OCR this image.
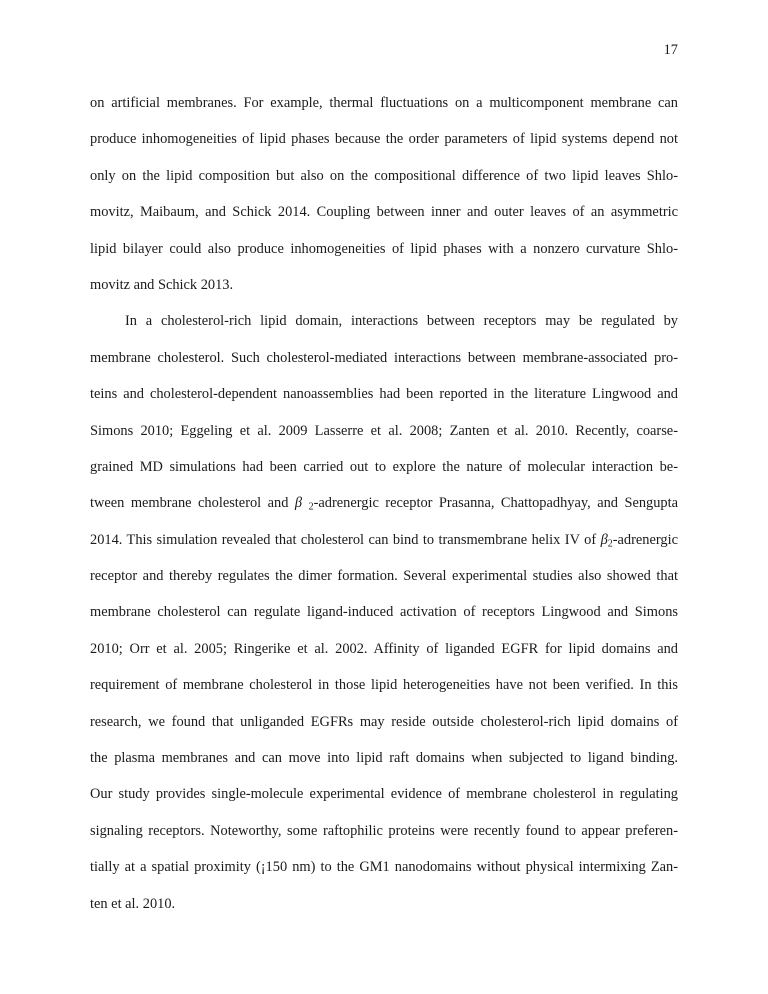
17
on artificial membranes. For example, thermal fluctuations on a multicomponent membrane can
produce inhomogeneities of lipid phases because the order parameters of lipid systems depend not
only on the lipid composition but also on the compositional difference of two lipid leaves Shlo-
movitz, Maibaum, and Schick 2014. Coupling between inner and outer leaves of an asymmetric
lipid bilayer could also produce inhomogeneities of lipid phases with a nonzero curvature Shlo-
movitz and Schick 2013.
In a cholesterol-rich lipid domain, interactions between receptors may be regulated by
membrane cholesterol. Such cholesterol-mediated interactions between membrane-associated pro-
teins and cholesterol-dependent nanoassemblies had been reported in the literature Lingwood and
Simons 2010; Eggeling et al. 2009 Lasserre et al. 2008; Zanten et al. 2010. Recently, coarse-
grained MD simulations had been carried out to explore the nature of molecular interaction be-
tween membrane cholesterol and β $_2$-adrenergic receptor Prasanna, Chattopadhyay, and Sengupta
2014. This simulation revealed that cholesterol can bind to transmembrane helix IV of $\beta_2$-adrenergic
receptor and thereby regulates the dimer formation. Several experimental studies also showed that
membrane cholesterol can regulate ligand-induced activation of receptors Lingwood and Simons
2010; Orr et al. 2005; Ringerike et al. 2002. Affinity of liganded EGFR for lipid domains and
requirement of membrane cholesterol in those lipid heterogeneities have not been verified. In this
research, we found that unliganded EGFRs may reside outside cholesterol-rich lipid domains of
the plasma membranes and can move into lipid raft domains when subjected to ligand binding.
Our study provides single-molecule experimental evidence of membrane cholesterol in regulating
signaling receptors. Noteworthy, some raftophilic proteins were recently found to appear preferen-
tially at a spatial proximity (¡150 nm) to the GM1 nanodomains without physical intermixing Zan-
ten et al. 2010.
